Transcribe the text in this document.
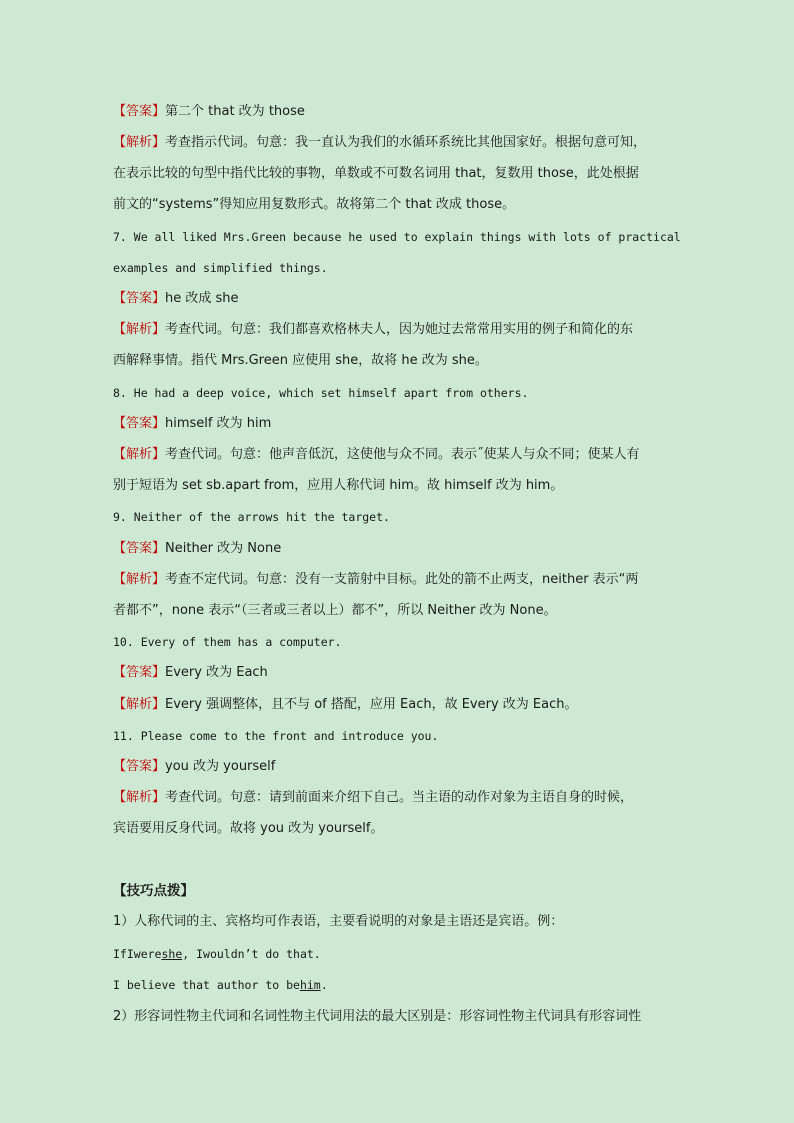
【答案】第二个 that 改为 those
【解析】考查指示代词。句意：我一直认为我们的水循环系统比其他国家好。根据句意可知，
在表示比较的句型中指代比较的事物，单数或不可数名词用 that，复数用 those，此处根据
前文的“systems”得知应用复数形式。故将第二个 that 改成 those。
7. We all liked Mrs.Green because he used to explain things with lots of practical
examples and simplified things.
【答案】he 改成 she
【解析】考查代词。句意：我们都喜欢格林夫人，因为她过去常常用实用的例子和简化的东
西解释事情。指代 Mrs.Green 应使用 she，故将 he 改为 she。
8. He had a deep voice, which set himself apart from others.
【答案】himself 改为 him
【解析】考查代词。句意：他声音低沉，这使他与众不同。表示˝使某人与众不同；使某人有
别于短语为 set sb.apart from，应用人称代词 him。故 himself 改为 him。
9. Neither of the arrows hit the target.
【答案】Neither 改为 None
【解析】考查不定代词。句意：没有一支箭射中目标。此处的箭不止两支，neither 表示“两
者都不”，none 表示“（三者或三者以上）都不”，所以 Neither 改为 None。
10. Every of them has a computer.
【答案】Every 改为 Each
【解析】Every 强调整体，且不与 of 搭配，应用 Each，故 Every 改为 Each。
11. Please come to the front and introduce you.
【答案】you 改为 yourself
【解析】考查代词。句意：请到前面来介绍下自己。当主语的动作对象为主语自身的时候，
宾语要用反身代词。故将 you 改为 yourself。
【技巧点拨】
1）人称代词的主、宾格均可作表语，主要看说明的对象是主语还是宾语。例：
IfIwereshe, Iwouldn’t do that.
I believe that author to behim.
2）形容词性物主代词和名词性物主代词用法的最大区别是：形容词性物主代词具有形容词性
